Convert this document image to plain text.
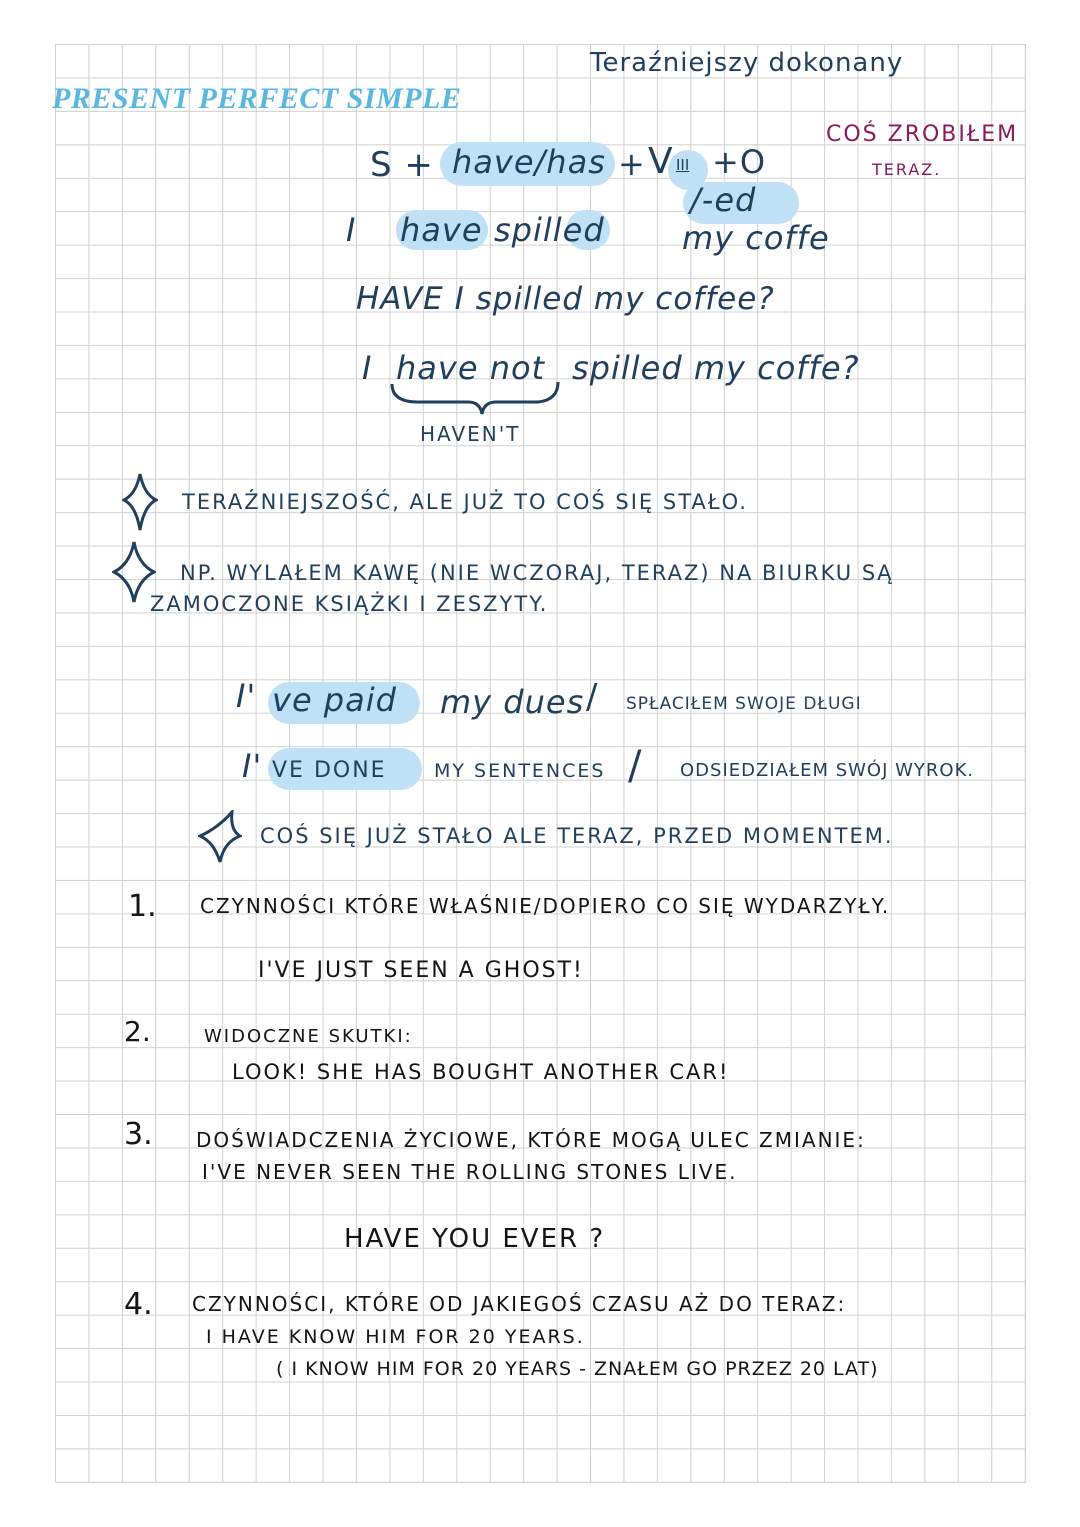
PRESENT PERFECT SIMPLE
Teraźniejszy dokonany
COŚ ZROBIŁEM
TERAZ.
S + have/has + V III +O
/-ed
I have spilled my coffe
HAVE I spilled my coffee?
I have not spilled my coffe?
HAVEN'T
TERAŹNIEJSZOŚĆ, ALE JUŻ TO COŚ SIĘ STAŁO.
NP. WYLAŁEM KAWĘ (NIE WCZORAJ, TERAZ) NA BIURKU SĄ
ZAMOCZONE KSIĄŻKI I ZESZYTY.
I' ve paid my dues / SPŁACIŁEM SWOJE DŁUGI
I' VE DONE MY SENTENCES / ODSIEDZIAŁEM SWÓJ WYROK.
COŚ SIĘ JUŻ STAŁO ALE TERAZ, PRZED MOMENTEM.
1. CZYNNOŚCI KTÓRE WŁAŚNIE/DOPIERO CO SIĘ WYDARZYŁY.
I'VE JUST SEEN A GHOST!
2.	WIDOCZNE SKUTKI:
LOOK! SHE HAS BOUGHT ANOTHER CAR!
3. DOŚWIADCZENIA ŻYCIOWE, KTÓRE MOGĄ ULEC ZMIANIE:
I'VE NEVER SEEN THE ROLLING STONES LIVE.
HAVE YOU EVER ?
4. CZYNNOŚCI, KTÓRE OD JAKIEGOŚ CZASU AŻ DO TERAZ:
I HAVE KNOW HIM FOR 20 YEARS.
( I KNOW HIM FOR 20 YEARS - ZNAŁEM GO PRZEZ 20 LAT)
